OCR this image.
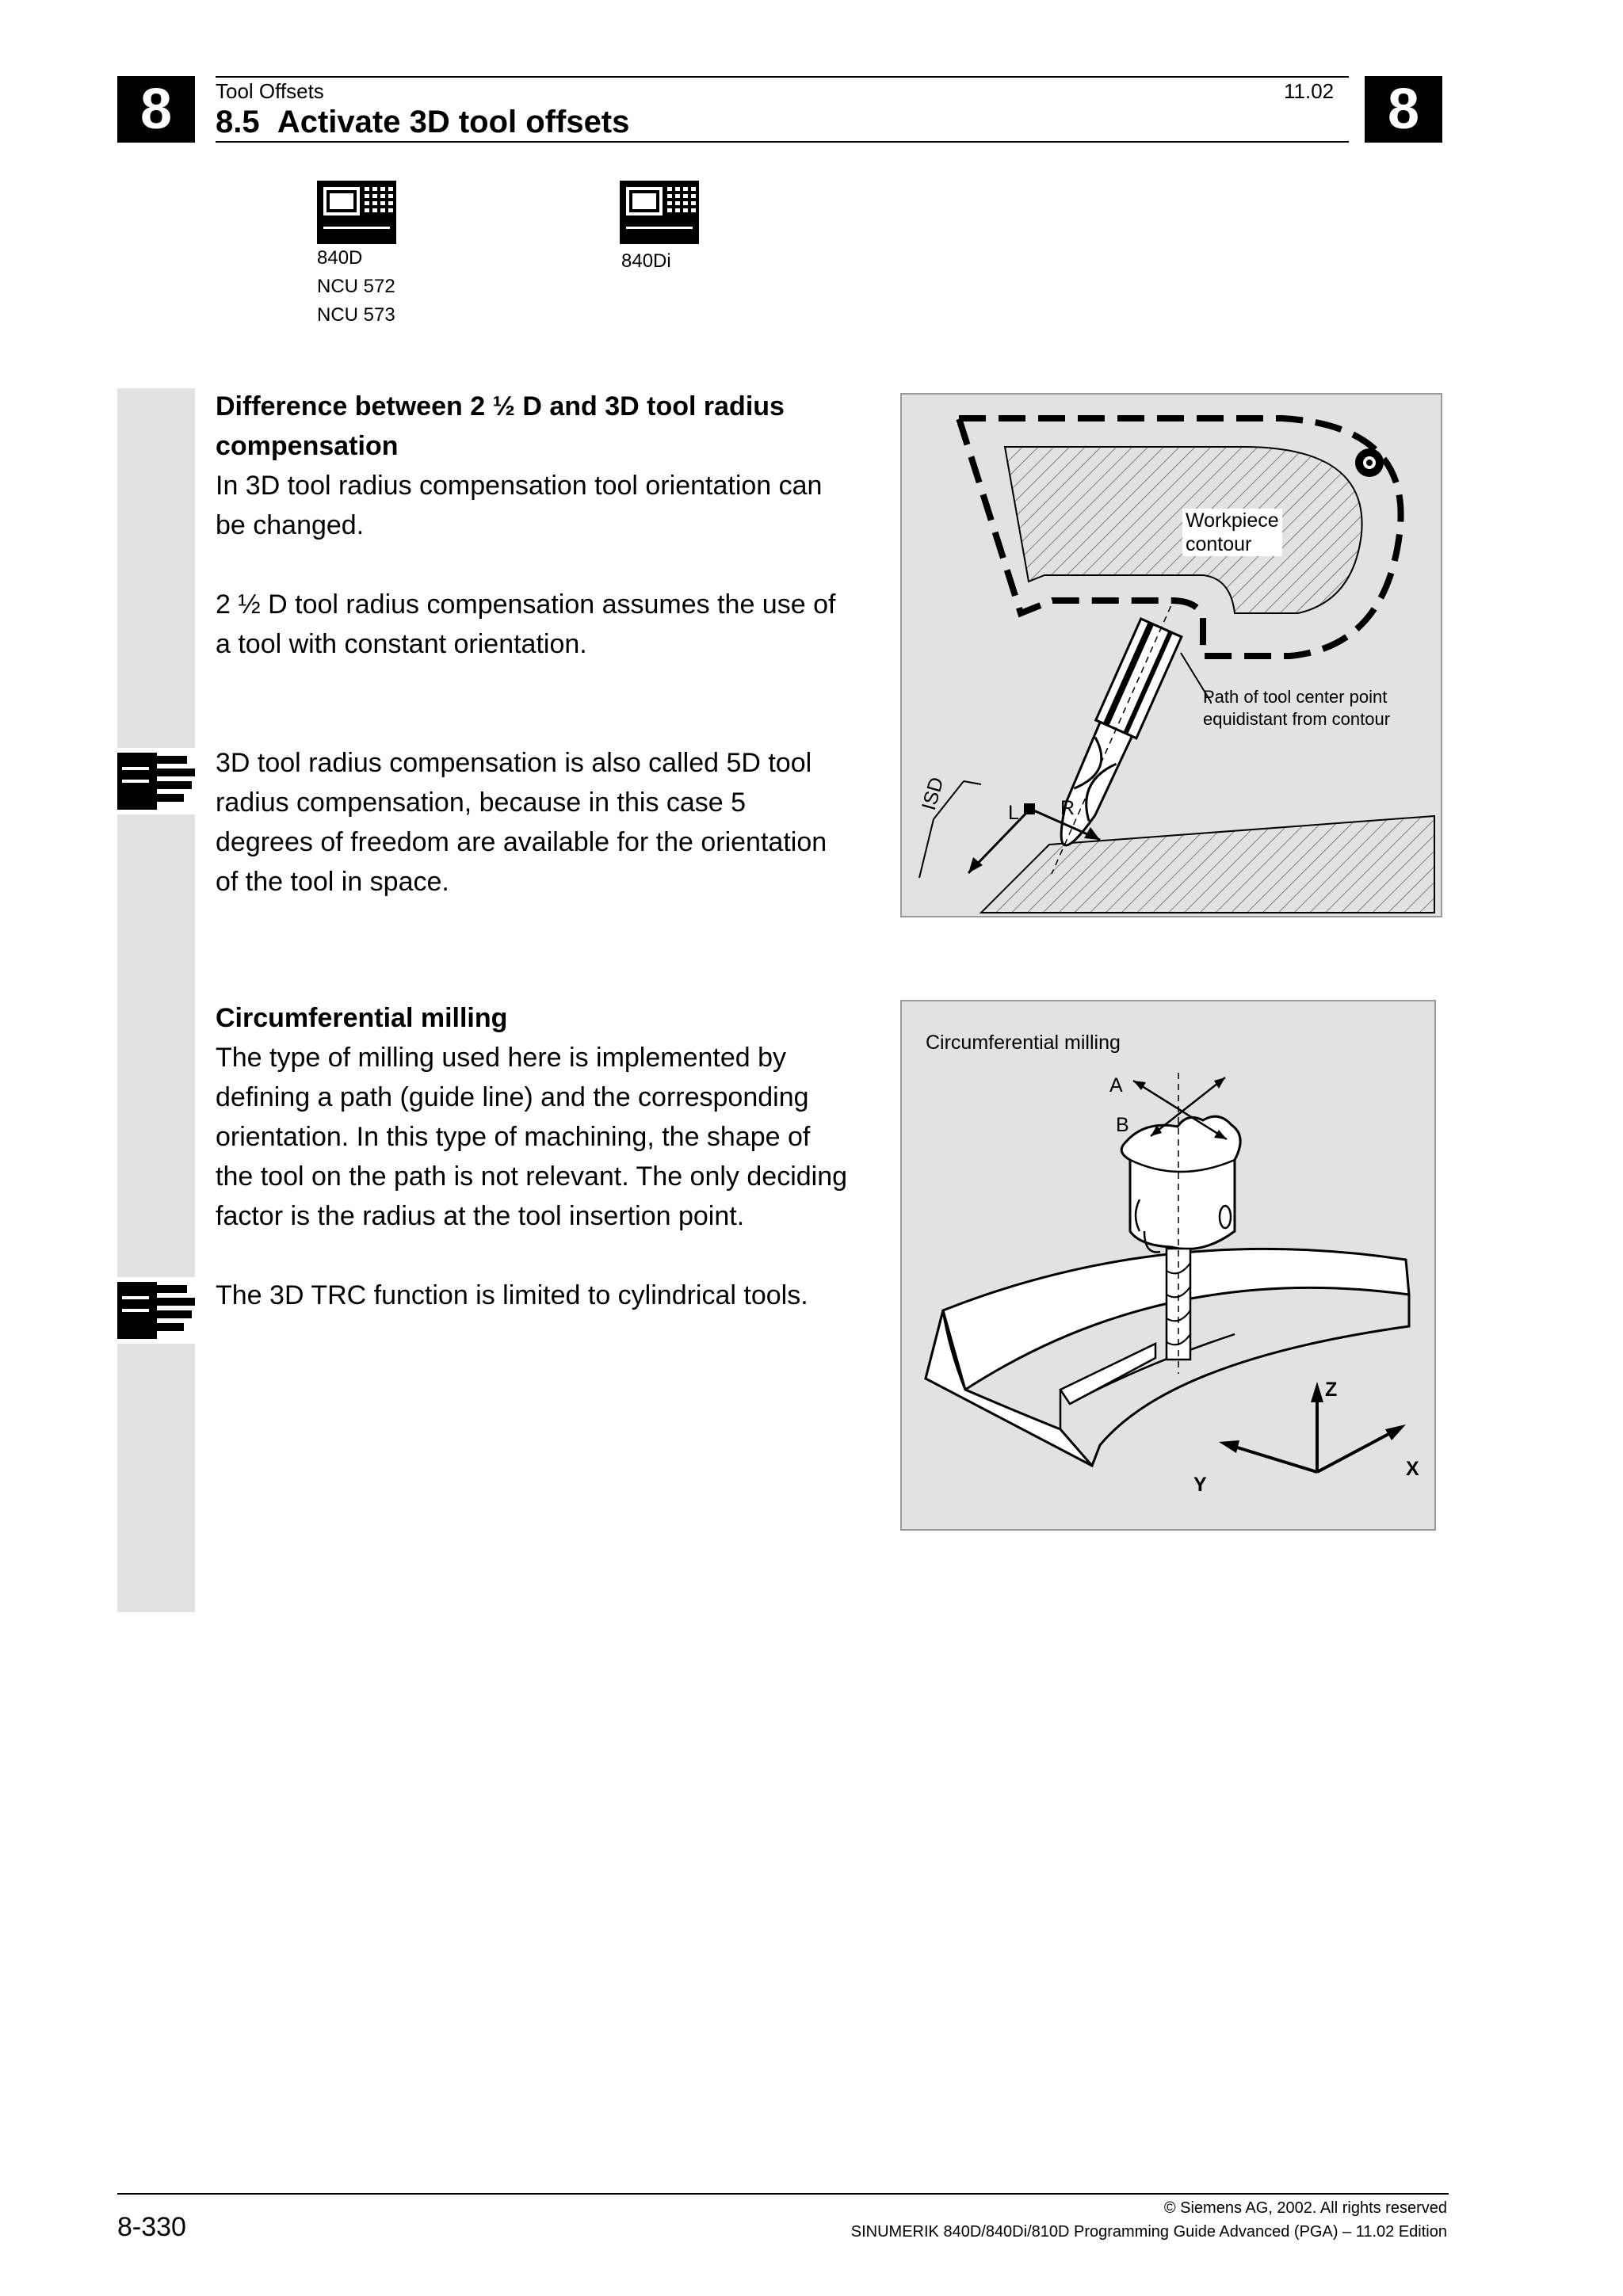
8	8
Tool Offsets	11.02
8.5 Activate 3D tool offsets
840D
NCU 572
NCU 573
840Di
Difference between 2 ½ D and 3D tool radius
compensation
In 3D tool radius compensation tool orientation can
be changed.
2 ½ D tool radius compensation assumes the use of
a tool with constant orientation.
3D tool radius compensation is also called 5D tool
radius compensation, because in this case 5
degrees of freedom are available for the orientation
of the tool in space.
Circumferential milling
The type of milling used here is implemented by
defining a path (guide line) and the corresponding
orientation. In this type of machining, the shape of
the tool on the path is not relevant. The only deciding
factor is the radius at the tool insertion point.
The 3D TRC function is limited to cylindrical tools.
Workpiece
contour
Path of tool center point
equidistant from contour
ISD
L R
Circumferential milling
A
B
Z
X
Y
8-330
© Siemens AG, 2002. All rights reserved
SINUMERIK 840D/840Di/810D Programming Guide Advanced (PGA) – 11.02 Edition
